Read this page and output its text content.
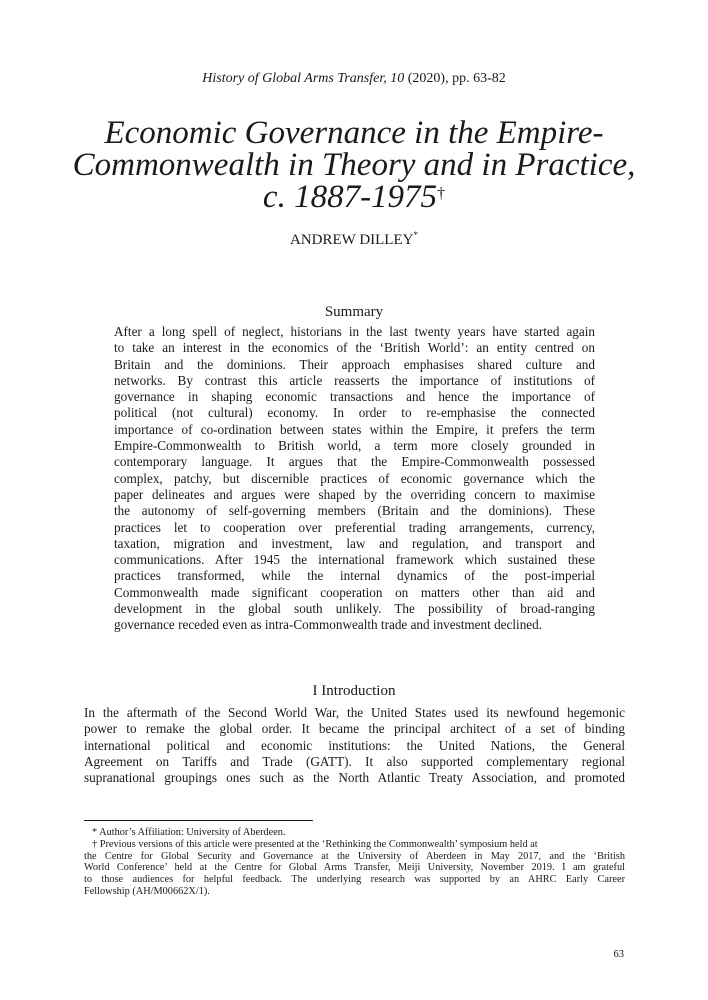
History of Global Arms Transfer, 10 (2020), pp. 63-82
Economic Governance in the Empire-
Commonwealth in Theory and in Practice,
c. 1887-1975†
ANDREW DILLEY*
Summary
After a long spell of neglect, historians in the last twenty years have started again
to take an interest in the economics of the ‘British World’: an entity centred on
Britain and the dominions. Their approach emphasises shared culture and
networks. By contrast this article reasserts the importance of institutions of
governance in shaping economic transactions and hence the importance of
political (not cultural) economy. In order to re-emphasise the connected
importance of co-ordination between states within the Empire, it prefers the term
Empire-Commonwealth to British world, a term more closely grounded in
contemporary language. It argues that the Empire-Commonwealth possessed
complex, patchy, but discernible practices of economic governance which the
paper delineates and argues were shaped by the overriding concern to maximise
the autonomy of self-governing members (Britain and the dominions). These
practices let to cooperation over preferential trading arrangements, currency,
taxation, migration and investment, law and regulation, and transport and
communications. After 1945 the international framework which sustained these
practices transformed, while the internal dynamics of the post-imperial
Commonwealth made significant cooperation on matters other than aid and
development in the global south unlikely. The possibility of broad-ranging
governance receded even as intra-Commonwealth trade and investment declined.
I Introduction
In the aftermath of the Second World War, the United States used its newfound hegemonic
power to remake the global order. It became the principal architect of a set of binding
international political and economic institutions: the United Nations, the General
Agreement on Tariffs and Trade (GATT). It also supported complementary regional
supranational groupings ones such as the North Atlantic Treaty Association, and promoted
* Author’s Affiliation: University of Aberdeen.
† Previous versions of this article were presented at the ‘Rethinking the Commonwealth’ symposium held at
the Centre for Global Security and Governance at the University of Aberdeen in May 2017, and the ‘British
World Conference’ held at the Centre for Global Arms Transfer, Meiji University, November 2019. I am grateful
to those audiences for helpful feedback. The underlying research was supported by an AHRC Early Career
Fellowship (AH/M00662X/1).
63
